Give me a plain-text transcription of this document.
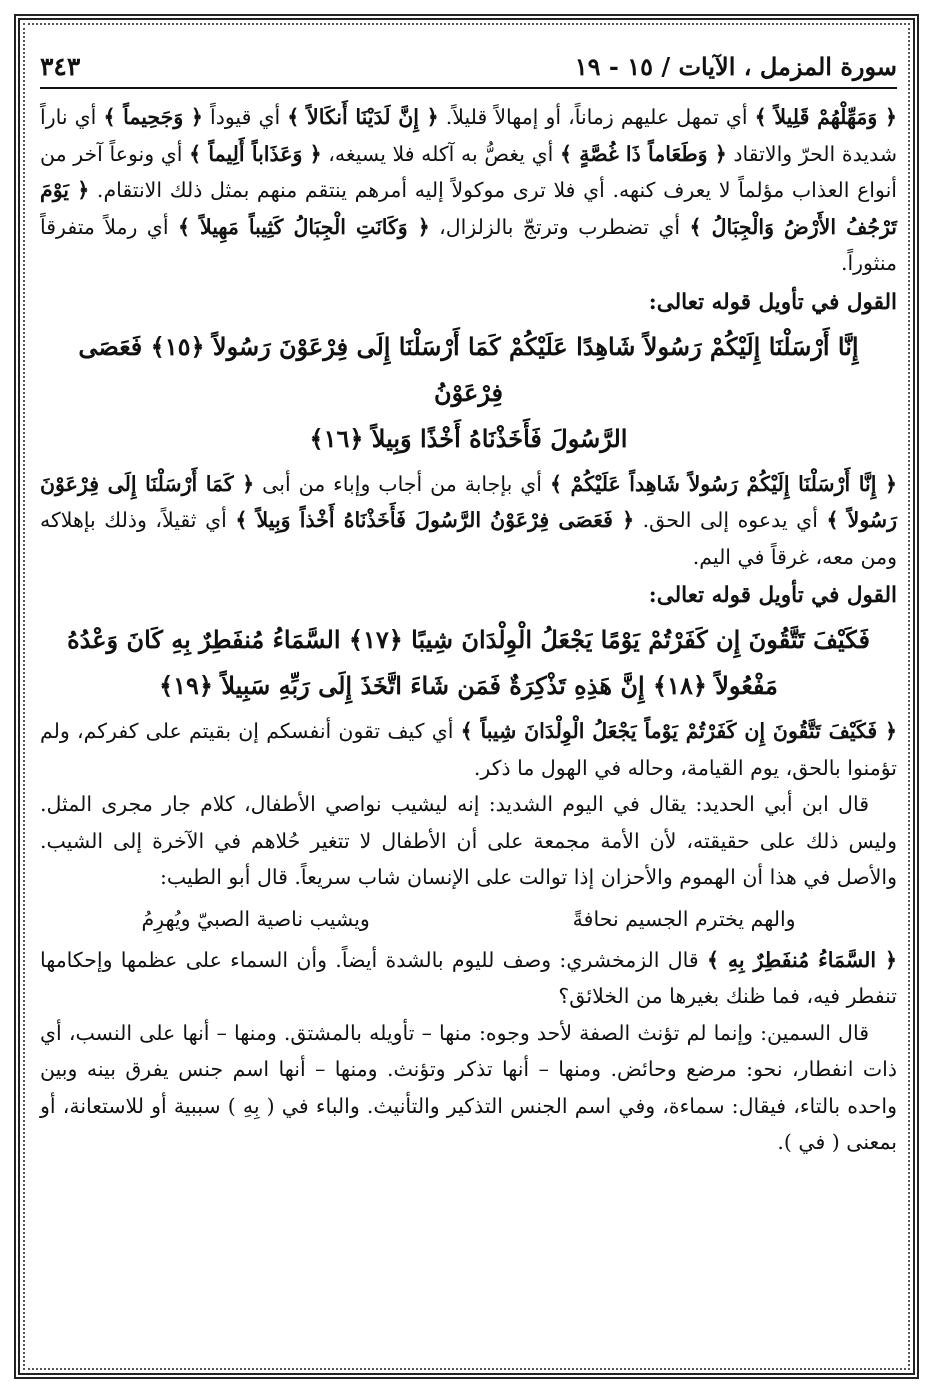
سورة المزمل ، الآيات / ١٥ - ١٩
٣٤٣

﴿ وَمَهِّلْهُمْ قَلِيلاً ﴾ أي تمهل عليهم زماناً، أو إمهالاً قليلاً. ﴿ إِنَّ لَدَيْنَا أَنكَالاً ﴾ أي قيوداً ﴿ وَجَحِيماً ﴾ أي ناراً شديدة الحرّ والاتقاد ﴿ وَطَعَاماً ذَا غُصَّةٍ ﴾ أي يغصُّ به آكله فلا يسيغه، ﴿ وَعَذَاباً أَلِيماً ﴾ أي ونوعاً آخر من أنواع العذاب مؤلماً لا يعرف كنهه. أي فلا ترى موكولاً إليه أمرهم ينتقم منهم بمثل ذلك الانتقام. ﴿ يَوْمَ تَرْجُفُ الأَرْضُ وَالْجِبَالُ ﴾ أي تضطرب وترتجّ بالزلزال، ﴿ وَكَانَتِ الْجِبَالُ كَثِيباً مَهِيلاً ﴾ أي رملاً متفرقاً منثوراً.

القول في تأويل قوله تعالى:
إِنَّا أَرْسَلْنَا إِلَيْكُمْ رَسُولاً شَاهِدًا عَلَيْكُمْ كَمَا أَرْسَلْنَا إِلَى فِرْعَوْنَ رَسُولاً ﴿١٥﴾ فَعَصَى فِرْعَوْنُ
الرَّسُولَ فَأَخَذْنَاهُ أَخْذًا وَبِيلاً ﴿١٦﴾

﴿ إِنَّا أَرْسَلْنَا إِلَيْكُمْ رَسُولاً شَاهِداً عَلَيْكُمْ ﴾ أي بإجابة من أجاب وإباء من أبى ﴿ كَمَا أَرْسَلْنَا إِلَى فِرْعَوْنَ رَسُولاً ﴾ أي يدعوه إلى الحق. ﴿ فَعَصَى فِرْعَوْنُ الرَّسُولَ فَأَخَذْنَاهُ أَخْذاً وَبِيلاً ﴾ أي ثقيلاً، وذلك بإهلاكه ومن معه، غرقاً في اليم.

القول في تأويل قوله تعالى:
فَكَيْفَ تَتَّقُونَ إِن كَفَرْتُمْ يَوْمًا يَجْعَلُ الْوِلْدَانَ شِيبًا ﴿١٧﴾ السَّمَاءُ مُنفَطِرٌ بِهِ كَانَ وَعْدُهُ
مَفْعُولاً ﴿١٨﴾ إِنَّ هَذِهِ تَذْكِرَةٌ فَمَن شَاءَ اتَّخَذَ إِلَى رَبِّهِ سَبِيلاً ﴿١٩﴾

﴿ فَكَيْفَ تَتَّقُونَ إِن كَفَرْتُمْ يَوْماً يَجْعَلُ الْوِلْدَانَ شِيباً ﴾ أي كيف تقون أنفسكم إن بقيتم على كفركم، ولم تؤمنوا بالحق، يوم القيامة، وحاله في الهول ما ذكر.

قال ابن أبي الحديد: يقال في اليوم الشديد: إنه ليشيب نواصي الأطفال، كلام جار مجرى المثل. وليس ذلك على حقيقته، لأن الأمة مجمعة على أن الأطفال لا تتغير حُلاهم في الآخرة إلى الشيب. والأصل في هذا أن الهموم والأحزان إذا توالت على الإنسان شاب سريعاً. قال أبو الطيب:

والهم يخترم الجسيم نحافةً
ويشيب ناصية الصبيّ ويُهرِمُ

﴿ السَّمَاءُ مُنفَطِرٌ بِهِ ﴾ قال الزمخشري: وصف لليوم بالشدة أيضاً. وأن السماء على عظمها وإحكامها تنفطر فيه، فما ظنك بغيرها من الخلائق؟

قال السمين: وإنما لم تؤنث الصفة لأحد وجوه: منها – تأويله بالمشتق. ومنها – أنها على النسب، أي ذات انفطار، نحو: مرضع وحائض. ومنها – أنها تذكر وتؤنث. ومنها – أنها اسم جنس يفرق بينه وبين واحده بالتاء، فيقال: سماءة، وفي اسم الجنس التذكير والتأنيث. والباء في ( بِهِ ) سببية أو للاستعانة، أو بمعنى ( في ).
